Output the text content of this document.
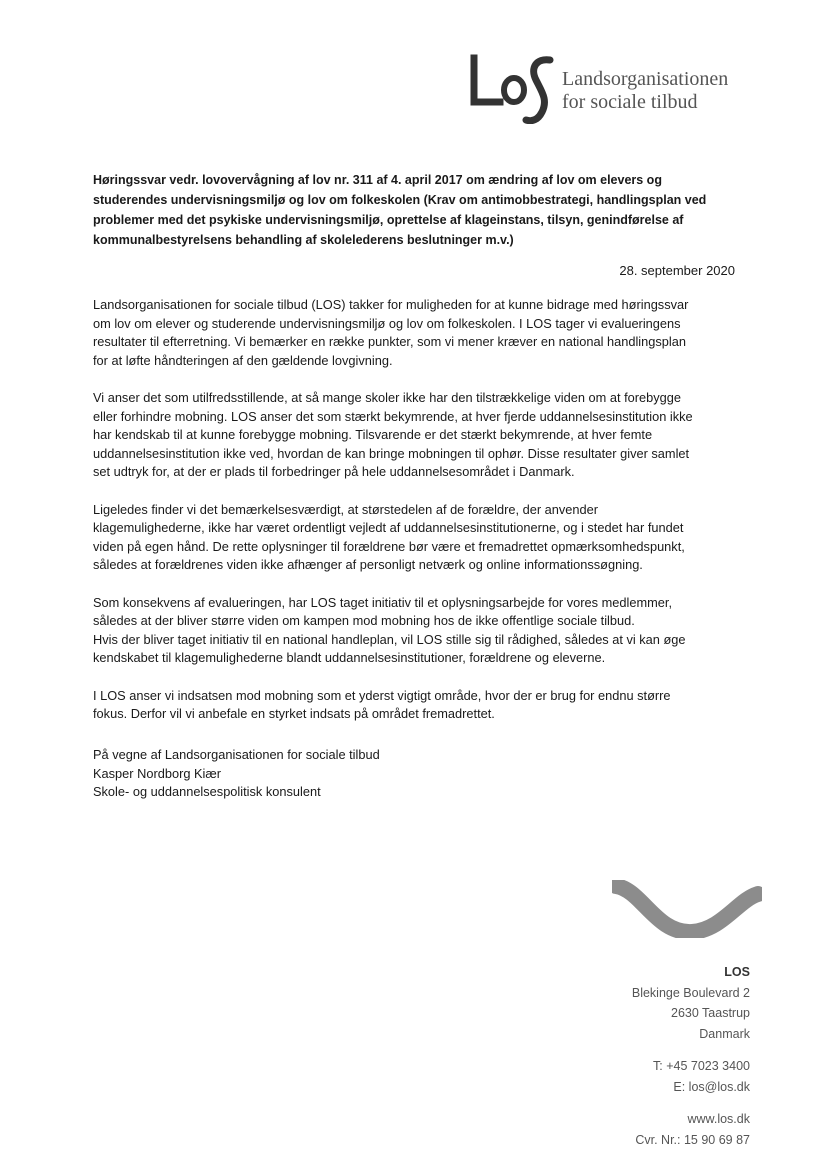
Landsorganisationen
for sociale tilbud
Høringssvar vedr. lovovervågning af lov nr. 311 af 4. april 2017 om ændring af lov om elevers og
studerendes undervisningsmiljø og lov om folkeskolen (Krav om antimobbestrategi, handlingsplan ved
problemer med det psykiske undervisningsmiljø, oprettelse af klageinstans, tilsyn, genindførelse af
kommunalbestyrelsens behandling af skolelederens beslutninger m.v.)
28. september 2020
Landsorganisationen for sociale tilbud (LOS) takker for muligheden for at kunne bidrage med høringssvar
om lov om elever og studerende undervisningsmiljø og lov om folkeskolen. I LOS tager vi evalueringens
resultater til efterretning. Vi bemærker en række punkter, som vi mener kræver en national handlingsplan
for at løfte håndteringen af den gældende lovgivning.
Vi anser det som utilfredsstillende, at så mange skoler ikke har den tilstrækkelige viden om at forebygge
eller forhindre mobning. LOS anser det som stærkt bekymrende, at hver fjerde uddannelsesinstitution ikke
har kendskab til at kunne forebygge mobning. Tilsvarende er det stærkt bekymrende, at hver femte
uddannelsesinstitution ikke ved, hvordan de kan bringe mobningen til ophør. Disse resultater giver samlet
set udtryk for, at der er plads til forbedringer på hele uddannelsesområdet i Danmark.
Ligeledes finder vi det bemærkelsesværdigt, at størstedelen af de forældre, der anvender
klagemulighederne, ikke har været ordentligt vejledt af uddannelsesinstitutionerne, og i stedet har fundet
viden på egen hånd. De rette oplysninger til forældrene bør være et fremadrettet opmærksomhedspunkt,
således at forældrenes viden ikke afhænger af personligt netværk og online informationssøgning.
Som konsekvens af evalueringen, har LOS taget initiativ til et oplysningsarbejde for vores medlemmer,
således at der bliver større viden om kampen mod mobning hos de ikke offentlige sociale tilbud.
Hvis der bliver taget initiativ til en national handleplan, vil LOS stille sig til rådighed, således at vi kan øge
kendskabet til klagemulighederne blandt uddannelsesinstitutioner, forældrene og eleverne.
I LOS anser vi indsatsen mod mobning som et yderst vigtigt område, hvor der er brug for endnu større
fokus. Derfor vil vi anbefale en styrket indsats på området fremadrettet.
På vegne af Landsorganisationen for sociale tilbud
Kasper Nordborg Kiær
Skole- og uddannelsespolitisk konsulent
LOS
Blekinge Boulevard 2
2630 Taastrup
Danmark
T: +45 7023 3400
E: los@los.dk
www.los.dk
Cvr. Nr.: 15 90 69 87
